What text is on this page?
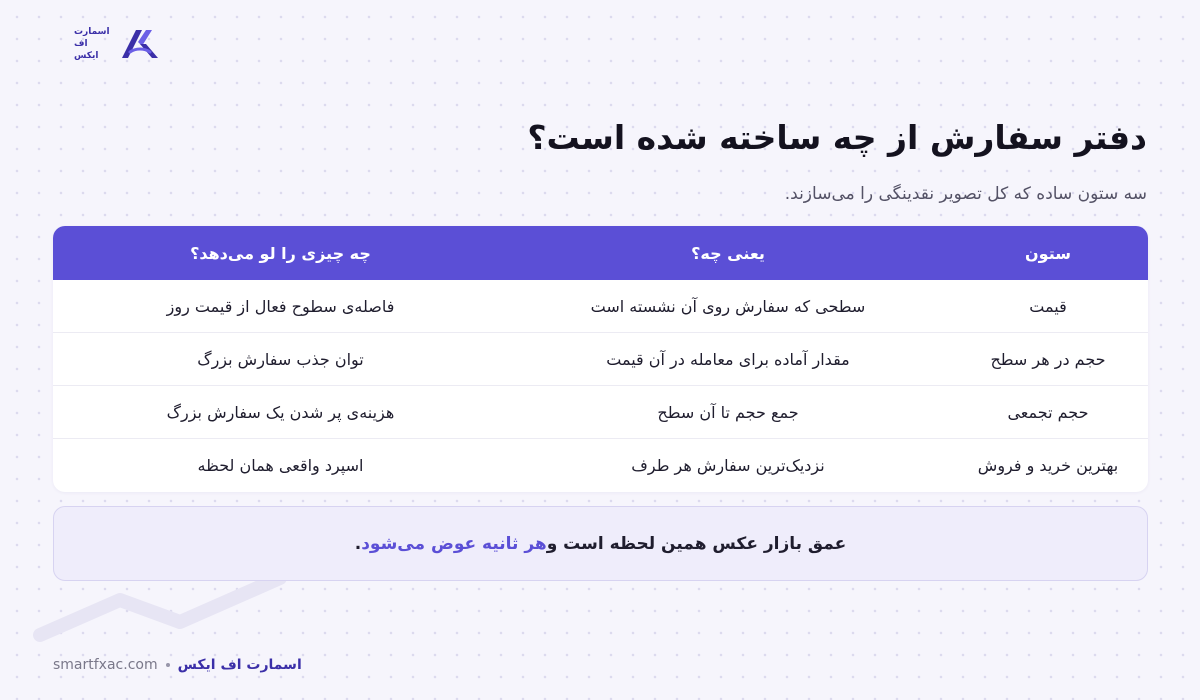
اسمارت
اف
ایکس
دفتر سفارش از چه ساخته شده است؟
سه ستون ساده که کل تصویر نقدینگی را می‌سازند.
ستون
یعنی چه؟
چه چیزی را لو می‌دهد؟
قیمت
سطحی که سفارش روی آن نشسته است
فاصله‌ی سطوح فعال از قیمت روز
حجم در هر سطح
مقدار آماده برای معامله در آن قیمت
توان جذب سفارش بزرگ
حجم تجمعی
جمع حجم تا آن سطح
هزینه‌ی پر شدن یک سفارش بزرگ
بهترین خرید و فروش
نزدیک‌ترین سفارش هر طرف
اسپرد واقعی همان لحظه
عمق بازار عکس همین لحظه است و
هر ثانیه عوض می‌شود
.
smartfxac.com اسمارت اف ایکس
